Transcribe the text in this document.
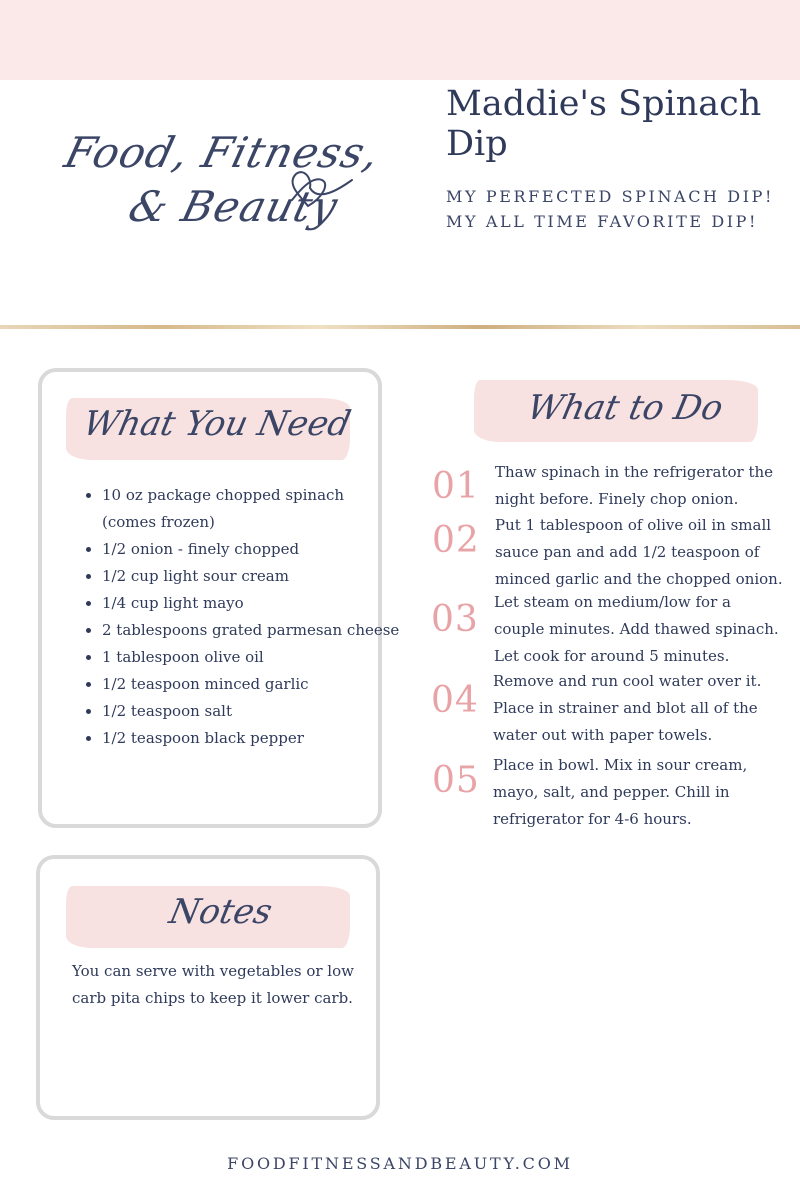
Food, Fitness,
& Beauty
Maddie's Spinach Dip
MY PERFECTED SPINACH DIP! MY ALL TIME FAVORITE DIP!
What You Need
• 10 oz package chopped spinach (comes frozen)
• 1/2 onion - finely chopped
• 1/2 cup light sour cream
• 1/4 cup light mayo
• 2 tablespoons grated parmesan cheese
• 1 tablespoon olive oil
• 1/2 teaspoon minced garlic
• 1/2 teaspoon salt
• 1/2 teaspoon black pepper
What to Do
01 Thaw spinach in the refrigerator the night before. Finely chop onion.
02 Put 1 tablespoon of olive oil in small sauce pan and add 1/2 teaspoon of minced garlic and the chopped onion.
03 Let steam on medium/low for a couple minutes. Add thawed spinach. Let cook for around 5 minutes.
04 Remove and run cool water over it. Place in strainer and blot all of the water out with paper towels.
05 Place in bowl. Mix in sour cream, mayo, salt, and pepper. Chill in refrigerator for 4-6 hours.
Notes
You can serve with vegetables or low carb pita chips to keep it lower carb.
FOODFITNESSANDBEAUTY.COM
